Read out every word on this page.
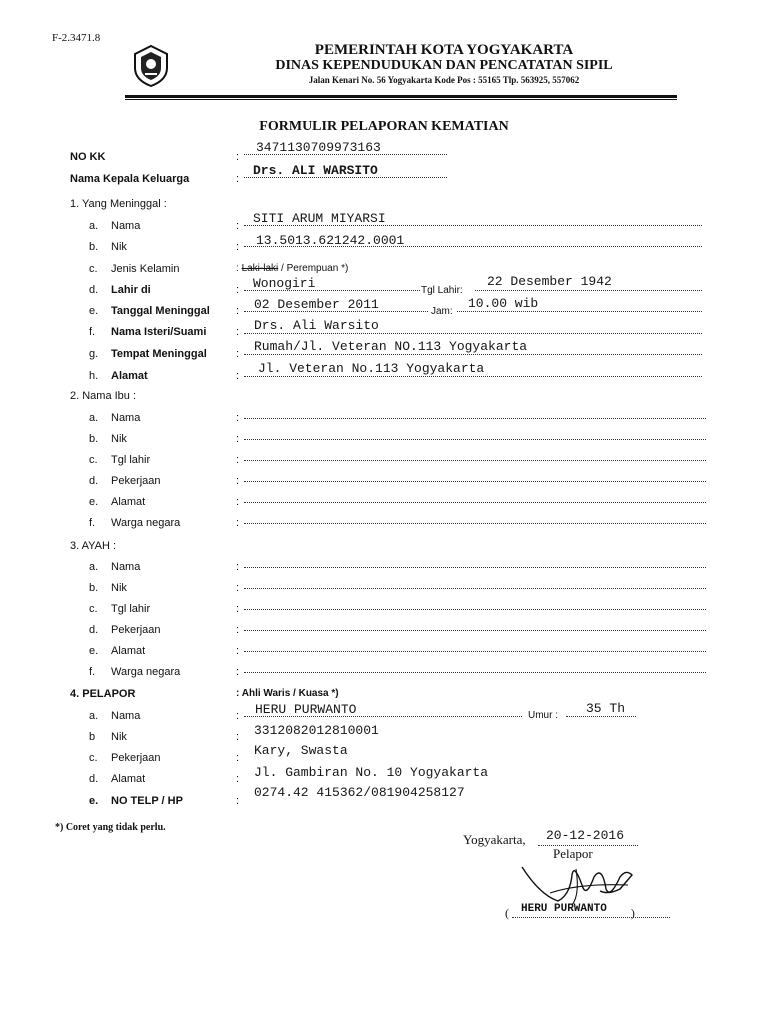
F-2.3471.8
PEMERINTAH KOTA YOGYAKARTA
DINAS KEPENDUDUKAN DAN PENCATATAN SIPIL
Jalan Kenari No. 56 Yogyakarta Kode Pos : 55165 Tlp. 563925, 557062
FORMULIR PELAPORAN KEMATIAN
NO KK	:
3471130709973163
Nama Kepala Keluarga	:
Drs. ALI WARSITO
1. Yang Meninggal :
a. Nama	: SITI ARUM MIYARSI
b. Nik	: 13.5013.621242.0001
c. Jenis Kelamin	: Laki-laki / Perempuan *)
d. Lahir di	: Wonogiri	Tgl Lahir:
22 Desember 1942
e. Tanggal Meninggal : 02 Desember 2011	Jam:
10.00 wib
f. Nama Isteri/Suami	: Drs. Ali Warsito
g. Tempat Meninggal	: Rumah/Jl. Veteran NO.113 Yogyakarta
h. Alamat	: Jl. Veteran No.113 Yogyakarta
2. Nama Ibu :
a. Nama	:
b. Nik	:
c. Tgl lahir	:
d. Pekerjaan	:
e. Alamat	:
f. Warga negara	:
3. AYAH :
a. Nama	:
b. Nik	:
c. Tgl lahir	:
d. Pekerjaan	:
e. Alamat	:
f. Warga negara	:
4. PELAPOR	: Ahli Waris / Kuasa *)
a. Nama	: HERU PURWANTO	Umur : 35 Th
b Nik	: 3312082012810001
c. Pekerjaan	: Kary, Swasta
d. Alamat	: Jl. Gambiran No. 10 Yogyakarta
e. NO TELP / HP	:
0274.42 415362/081904258127
*) Coret yang tidak perlu.
Yogyakarta, 20-12-2016
Pelapor
( HERU PURWANTO )
